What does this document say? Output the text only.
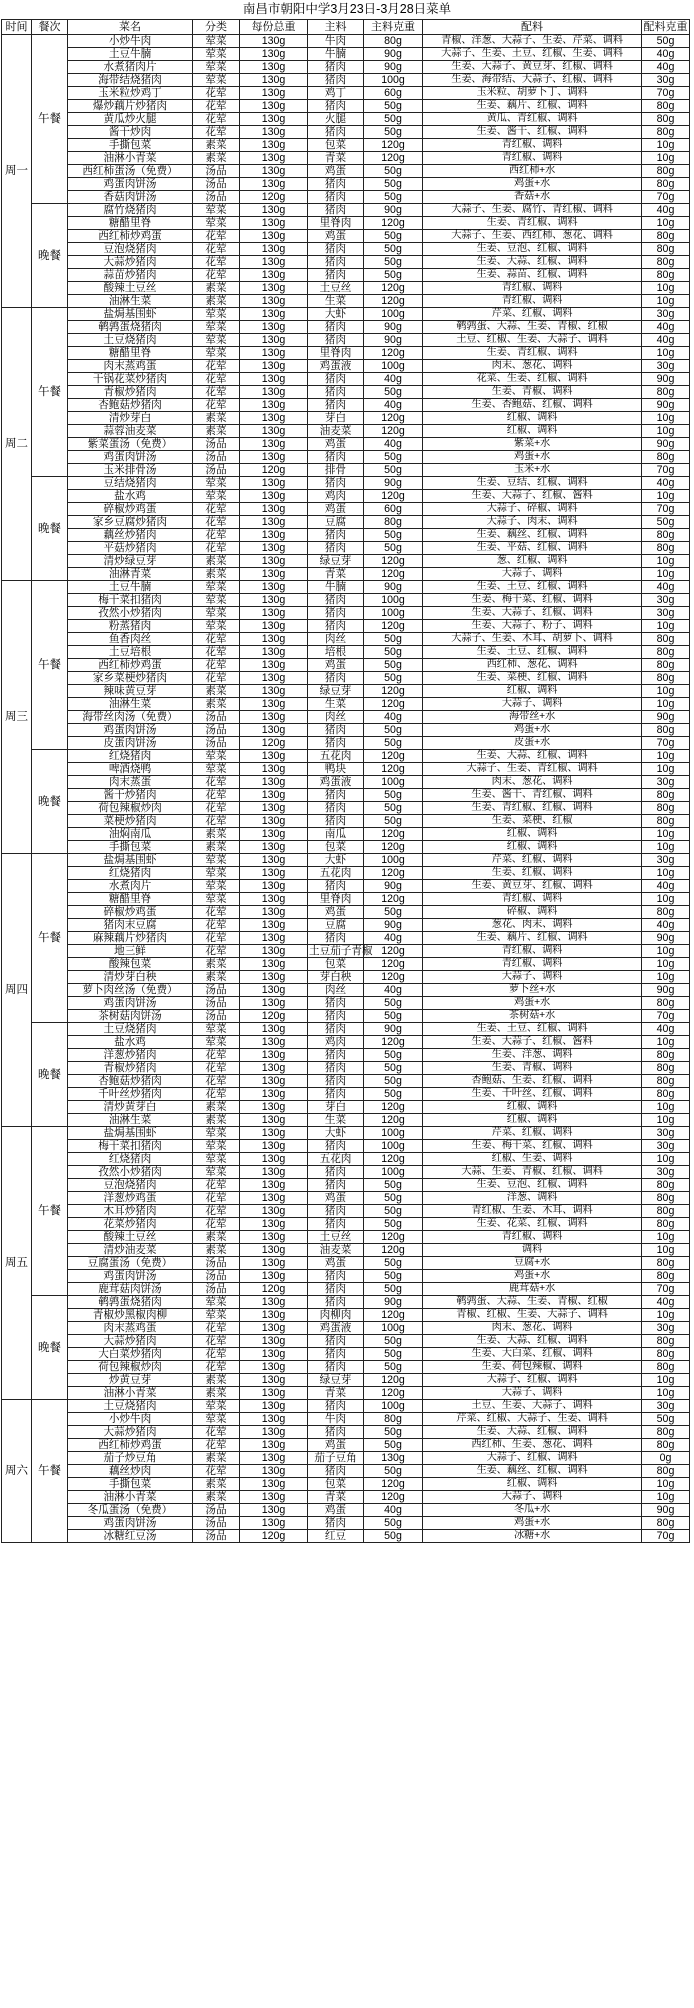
南昌市朝阳中学3月23日-3月28日菜单
时间	餐次	菜名	分类	每份总重	主料	主料克重	配料	配料克重
周一	午餐	小炒牛肉	荤菜	130g	牛肉	80g	青椒、洋葱、大蒜子、生姜、芹菜、调料	50g
		土豆牛腩	荤菜	130g	牛腩	90g	大蒜子、生姜、土豆、红椒、生姜、调料	40g
		水煮猪肉片	荤菜	130g	猪肉	90g	生姜、大蒜子、黄豆芽、红椒、调料	40g
		海带结烧猪肉	荤菜	130g	猪肉	100g	生姜、海带结、大蒜子、红椒、调料	30g
		玉米粒炒鸡丁	花荤	130g	鸡丁	60g	玉米粒、胡萝卜丁、调料	70g
		爆炒藕片炒猪肉	花荤	130g	猪肉	50g	生姜、藕片、红椒、调料	80g
		黄瓜炒火腿	花荤	130g	火腿	50g	黄瓜、青红椒、调料	80g
		酱干炒肉	花荤	130g	猪肉	50g	生姜、酱干、红椒、调料	80g
		手撕包菜	素菜	130g	包菜	120g	青红椒、调料	10g
		油淋小青菜	素菜	130g	青菜	120g	青红椒、调料	10g
		西红柿蛋汤（免费）	汤品	130g	鸡蛋	50g	西红柿+水	80g
		鸡蛋肉饼汤	汤品	130g	猪肉	50g	鸡蛋+水	80g
		香菇肉饼汤	汤品	120g	猪肉	50g	香菇+水	70g
	晚餐	腐竹烧猪肉	荤菜	130g	猪肉	90g	大蒜子、生姜、腐竹、青红椒、调料	40g
		糖醋里脊	荤菜	130g	里脊肉	120g	生姜、青红椒、调料	10g
		西红柿炒鸡蛋	花荤	130g	鸡蛋	50g	大蒜子、生姜、西红柿、葱花、调料	80g
		豆泡烧猪肉	花荤	130g	猪肉	50g	生姜、豆泡、红椒、调料	80g
		大蒜炒猪肉	花荤	130g	猪肉	50g	生姜、大蒜、红椒、调料	80g
		蒜苗炒猪肉	花荤	130g	猪肉	50g	生姜、蒜苗、红椒、调料	80g
		酸辣土豆丝	素菜	130g	土豆丝	120g	青红椒、调料	10g
		油淋生菜	素菜	130g	生菜	120g	青红椒、调料	10g
周二	午餐	盐焗基围虾	荤菜	130g	大虾	100g	芹菜、红椒、调料	30g
		鹌鹑蛋烧猪肉	荤菜	130g	猪肉	90g	鹌鹑蛋、大蒜、生姜、青椒、红椒	40g
		土豆烧猪肉	荤菜	130g	猪肉	90g	土豆、红椒、生姜、大蒜子、调料	40g
		糖醋里脊	荤菜	130g	里脊肉	120g	生姜、青红椒、调料	10g
		肉末蒸鸡蛋	花荤	130g	鸡蛋液	100g	肉末、葱花、调料	30g
		干锅花菜炒猪肉	花荤	130g	猪肉	40g	花菜、生姜、红椒、调料	90g
		青椒炒猪肉	花荤	130g	猪肉	50g	生姜、青椒、调料	80g
		杏鲍菇炒猪肉	花荤	130g	猪肉	40g	生姜、杏鲍菇、红椒、调料	90g
		清炒芽白	素菜	130g	芽白	120g	红椒、调料	10g
		蒜蓉油麦菜	素菜	130g	油麦菜	120g	红椒、调料	10g
		紫菜蛋汤（免费）	汤品	130g	鸡蛋	40g	紫菜+水	90g
		鸡蛋肉饼汤	汤品	130g	猪肉	50g	鸡蛋+水	80g
		玉米排骨汤	汤品	120g	排骨	50g	玉米+水	70g
	晚餐	豆结烧猪肉	荤菜	130g	猪肉	90g	生姜、豆结、红椒、调料	40g
		盐水鸡	荤菜	130g	鸡肉	120g	生姜、大蒜子、红椒、酱料	10g
		碎椒炒鸡蛋	花荤	130g	鸡蛋	60g	大蒜子、碎椒、调料	70g
		家乡豆腐炒猪肉	花荤	130g	豆腐	80g	大蒜子、肉末、调料	50g
		藕丝炒猪肉	花荤	130g	猪肉	50g	生姜、藕丝、红椒、调料	80g
		平菇炒猪肉	花荤	130g	猪肉	50g	生姜、平菇、红椒、调料	80g
		清炒绿豆芽	素菜	130g	绿豆芽	120g	葱、红椒、调料	10g
		油淋青菜	素菜	130g	青菜	120g	大蒜子、调料	10g
周三	午餐	土豆牛腩	荤菜	130g	牛腩	90g	生姜、土豆、红椒、调料	40g
		梅干菜扣猪肉	荤菜	130g	猪肉	100g	生姜、梅干菜、红椒、调料	30g
		孜然小炒猪肉	荤菜	130g	猪肉	100g	生姜、大蒜子、红椒、调料	30g
		粉蒸猪肉	荤菜	130g	猪肉	120g	生姜、大蒜子、粉子、调料	10g
		鱼香肉丝	花荤	130g	肉丝	50g	大蒜子、生姜、木耳、胡萝卜、调料	80g
		土豆培根	花荤	130g	培根	50g	生姜、土豆、红椒、调料	80g
		西红柿炒鸡蛋	花荤	130g	鸡蛋	50g	西红柿、葱花、调料	80g
		家乡菜梗炒猪肉	花荤	130g	猪肉	50g	生姜、菜梗、红椒、调料	80g
		辣味黄豆芽	素菜	130g	绿豆芽	120g	红椒、调料	10g
		油淋生菜	素菜	130g	生菜	120g	大蒜子、调料	10g
		海带丝肉汤（免费）	汤品	130g	肉丝	40g	海带丝+水	90g
		鸡蛋肉饼汤	汤品	130g	猪肉	50g	鸡蛋+水	80g
		皮蛋肉饼汤	汤品	120g	猪肉	50g	皮蛋+水	70g
	晚餐	红烧猪肉	荤菜	130g	五花肉	120g	生姜、大蒜、红椒、调料	10g
		啤酒烧鸭	荤菜	130g	鸭块	120g	大蒜子、生姜、青红椒、调料	10g
		肉末蒸蛋	花荤	130g	鸡蛋液	100g	肉末、葱花、调料	30g
		酱干炒猪肉	花荤	130g	猪肉	50g	生姜、酱干、青红椒、调料	80g
		荷包辣椒炒肉	花荤	130g	猪肉	50g	生姜、青红椒、红椒、调料	80g
		菜梗炒猪肉	花荤	130g	猪肉	50g	生姜、菜梗、红椒	80g
		油焖南瓜	素菜	130g	南瓜	120g	红椒、调料	10g
		手撕包菜	素菜	130g	包菜	120g	红椒、调料	10g
周四	午餐	盐焗基围虾	荤菜	130g	大虾	100g	芹菜、红椒、调料	30g
		红烧猪肉	荤菜	130g	五花肉	120g	生姜、红椒、调料	10g
		水煮肉片	荤菜	130g	猪肉	90g	生姜、黄豆芽、红椒、调料	40g
		糖醋里脊	荤菜	130g	里脊肉	120g	青红椒、调料	10g
		碎椒炒鸡蛋	花荤	130g	鸡蛋	50g	碎椒、调料	80g
		猪肉末豆腐	花荤	130g	豆腐	90g	葱花、肉末、调料	40g
		麻辣藕片炒猪肉	花荤	130g	猪肉	40g	生姜、藕片、红椒、调料	90g
		地三鲜	花荤	130g	土豆茄子青椒	120g	青红椒、调料	10g
		酸辣包菜	素菜	130g	包菜	120g	青红椒、调料	10g
		清炒芽白秧	素菜	130g	芽白秧	120g	大蒜子、调料	10g
		萝卜肉丝汤（免费）	汤品	130g	肉丝	40g	萝卜丝+水	90g
		鸡蛋肉饼汤	汤品	130g	猪肉	50g	鸡蛋+水	80g
		茶树菇肉饼汤	汤品	120g	猪肉	50g	茶树菇+水	70g
	晚餐	土豆烧猪肉	荤菜	130g	猪肉	90g	生姜、土豆、红椒、调料	40g
		盐水鸡	荤菜	130g	鸡肉	120g	生姜、大蒜子、红椒、酱料	10g
		洋葱炒猪肉	花荤	130g	猪肉	50g	生姜、洋葱、调料	80g
		青椒炒猪肉	花荤	130g	猪肉	50g	生姜、青椒、调料	80g
		杏鲍菇炒猪肉	花荤	130g	猪肉	50g	杏鲍菇、生姜、红椒、调料	80g
		千叶丝炒猪肉	花荤	130g	猪肉	50g	生姜、千叶丝、红椒、调料	80g
		清炒黄芽白	素菜	130g	芽白	120g	红椒、调料	10g
		油淋生菜	素菜	130g	生菜	120g	红椒、调料	10g
周五	午餐	盐焗基围虾	荤菜	130g	大虾	100g	芹菜、红椒、调料	30g
		梅干菜扣猪肉	荤菜	130g	猪肉	100g	生姜、梅干菜、红椒、调料	30g
		红烧猪肉	荤菜	130g	五花肉	120g	红椒、生姜、调料	10g
		孜然小炒猪肉	荤菜	130g	猪肉	100g	大蒜、生姜、青椒、红椒、调料	30g
		豆泡烧猪肉	花荤	130g	猪肉	50g	生姜、豆泡、红椒、调料	80g
		洋葱炒鸡蛋	花荤	130g	鸡蛋	50g	洋葱、调料	80g
		木耳炒猪肉	花荤	130g	猪肉	50g	青红椒、生姜、木耳、调料	80g
		花菜炒猪肉	花荤	130g	猪肉	50g	生姜、花菜、红椒、调料	80g
		酸辣土豆丝	素菜	130g	土豆丝	120g	青红椒、调料	10g
		清炒油麦菜	素菜	130g	油麦菜	120g	调料	10g
		豆腐蛋汤（免费）	汤品	130g	鸡蛋	50g	豆腐+水	80g
		鸡蛋肉饼汤	汤品	130g	猪肉	50g	鸡蛋+水	80g
		鹿茸菇肉饼汤	汤品	120g	猪肉	50g	鹿茸菇+水	70g
	晚餐	鹌鹑蛋烧猪肉	荤菜	130g	猪肉	90g	鹌鹑蛋、大蒜、生姜、青椒、红椒	40g
		青椒炒黑椒肉柳	荤菜	130g	肉柳肉	120g	青椒、红椒、生姜、大蒜子、调料	10g
		肉末蒸鸡蛋	花荤	130g	鸡蛋液	100g	肉末、葱花、调料	30g
		大蒜炒猪肉	花荤	130g	猪肉	50g	生姜、大蒜、红椒、调料	80g
		大白菜炒猪肉	花荤	130g	猪肉	50g	生姜、大白菜、红椒、调料	80g
		荷包辣椒炒肉	花荤	130g	猪肉	50g	生姜、荷包辣椒、调料	80g
		炒黄豆芽	素菜	130g	绿豆芽	120g	大蒜子、红椒、调料	10g
		油淋小青菜	素菜	130g	青菜	120g	大蒜子、调料	10g
周六	午餐	土豆烧猪肉	荤菜	130g	猪肉	100g	土豆、生姜、大蒜子、调料	30g
		小炒牛肉	荤菜	130g	牛肉	80g	芹菜、红椒、大蒜子、生姜、调料	50g
		大蒜炒猪肉	花荤	130g	猪肉	50g	生姜、大蒜、红椒、调料	80g
		西红柿炒鸡蛋	花荤	130g	鸡蛋	50g	西红柿、生姜、葱花、调料	80g
		茄子炒豆角	素菜	130g	茄子豆角	130g	大蒜子、红椒、调料	0g
		藕丝炒肉	花荤	130g	猪肉	50g	生姜、藕丝、红椒、调料	80g
		手撕包菜	素菜	130g	包菜	120g	红椒、调料	10g
		油淋小青菜	素菜	130g	青菜	120g	大蒜子、调料	10g
		冬瓜蛋汤（免费）	汤品	130g	鸡蛋	40g	冬瓜+水	90g
		鸡蛋肉饼汤	汤品	130g	猪肉	50g	鸡蛋+水	80g
		冰糖红豆汤	汤品	120g	红豆	50g	冰糖+水	70g
